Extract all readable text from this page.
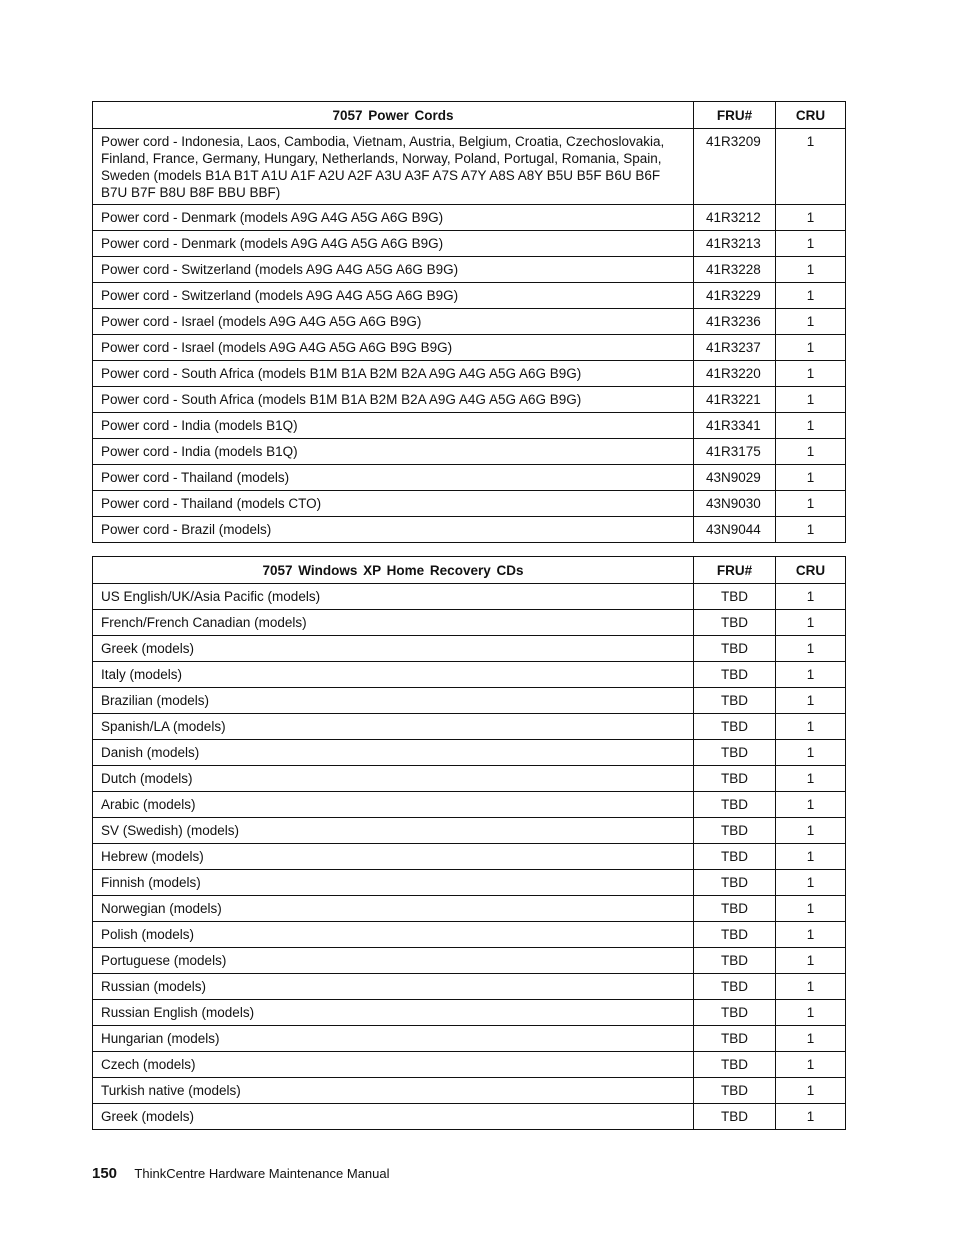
7057 Power Cords	FRU#	CRU
Power cord - Indonesia, Laos, Cambodia, Vietnam, Austria, Belgium, Croatia, Czechoslovakia, Finland, France, Germany, Hungary, Netherlands, Norway, Poland, Portugal, Romania, Spain, Sweden (models B1A B1T A1U A1F A2U A2F A3U A3F A7S A7Y A8S A8Y B5U B5F B6U B6F B7U B7F B8U B8F BBU BBF)	41R3209	1
Power cord - Denmark (models A9G A4G A5G A6G B9G)	41R3212	1
Power cord - Denmark (models A9G A4G A5G A6G B9G)	41R3213	1
Power cord - Switzerland (models A9G A4G A5G A6G B9G)	41R3228	1
Power cord - Switzerland (models A9G A4G A5G A6G B9G)	41R3229	1
Power cord - Israel (models A9G A4G A5G A6G B9G)	41R3236	1
Power cord - Israel (models A9G A4G A5G A6G B9G B9G)	41R3237	1
Power cord - South Africa (models B1M B1A B2M B2A A9G A4G A5G A6G B9G)	41R3220	1
Power cord - South Africa (models B1M B1A B2M B2A A9G A4G A5G A6G B9G)	41R3221	1
Power cord - India (models B1Q)	41R3341	1
Power cord - India (models B1Q)	41R3175	1
Power cord - Thailand (models)	43N9029	1
Power cord - Thailand (models CTO)	43N9030	1
Power cord - Brazil (models)	43N9044	1
7057 Windows XP Home Recovery CDs	FRU#	CRU
US English/UK/Asia Pacific (models)	TBD	1
French/French Canadian (models)	TBD	1
Greek (models)	TBD	1
Italy (models)	TBD	1
Brazilian (models)	TBD	1
Spanish/LA (models)	TBD	1
Danish (models)	TBD	1
Dutch (models)	TBD	1
Arabic (models)	TBD	1
SV (Swedish) (models)	TBD	1
Hebrew (models)	TBD	1
Finnish (models)	TBD	1
Norwegian (models)	TBD	1
Polish (models)	TBD	1
Portuguese (models)	TBD	1
Russian (models)	TBD	1
Russian English (models)	TBD	1
Hungarian (models)	TBD	1
Czech (models)	TBD	1
Turkish native (models)	TBD	1
Greek (models)	TBD	1
150 ThinkCentre Hardware Maintenance Manual
